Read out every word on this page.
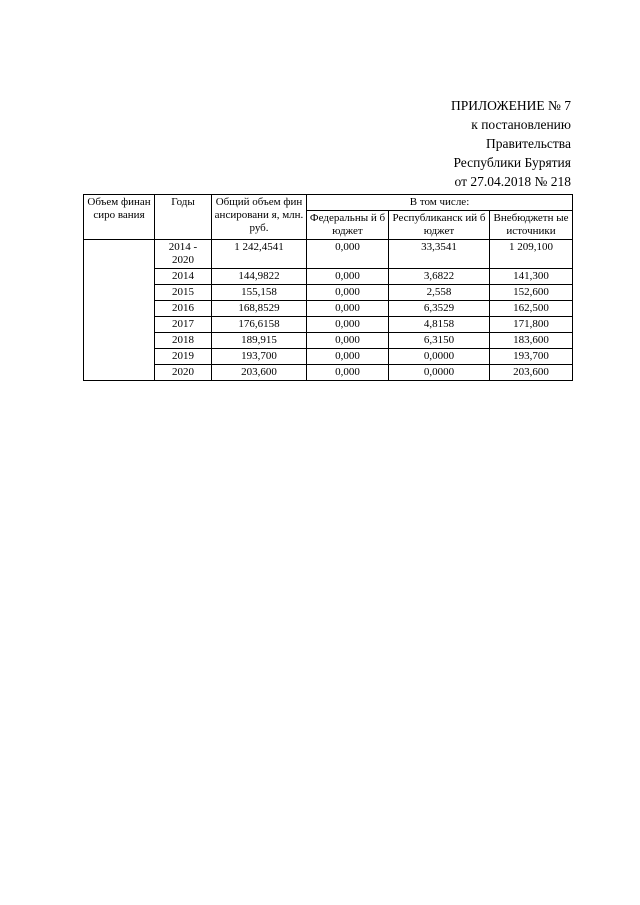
ПРИЛОЖЕНИЕ № 7
к постановлению
Правительства
Республики Бурятия
от 27.04.2018 № 218
Объем финансиро вания	Годы	Общий объем финансировани я, млн. руб.	В том числе:		
			Федеральны й бюджет	Республиканск ий бюджет	Внебюджетн ые источники
	2014 - 2020	1 242,4541	0,000	33,3541	1 209,100
	2014	144,9822	0,000	3,6822	141,300
	2015	155,158	0,000	2,558	152,600
	2016	168,8529	0,000	6,3529	162,500
	2017	176,6158	0,000	4,8158	171,800
	2018	189,915	0,000	6,3150	183,600
	2019	193,700	0,000	0,0000	193,700
	2020	203,600	0,000	0,0000	203,600
